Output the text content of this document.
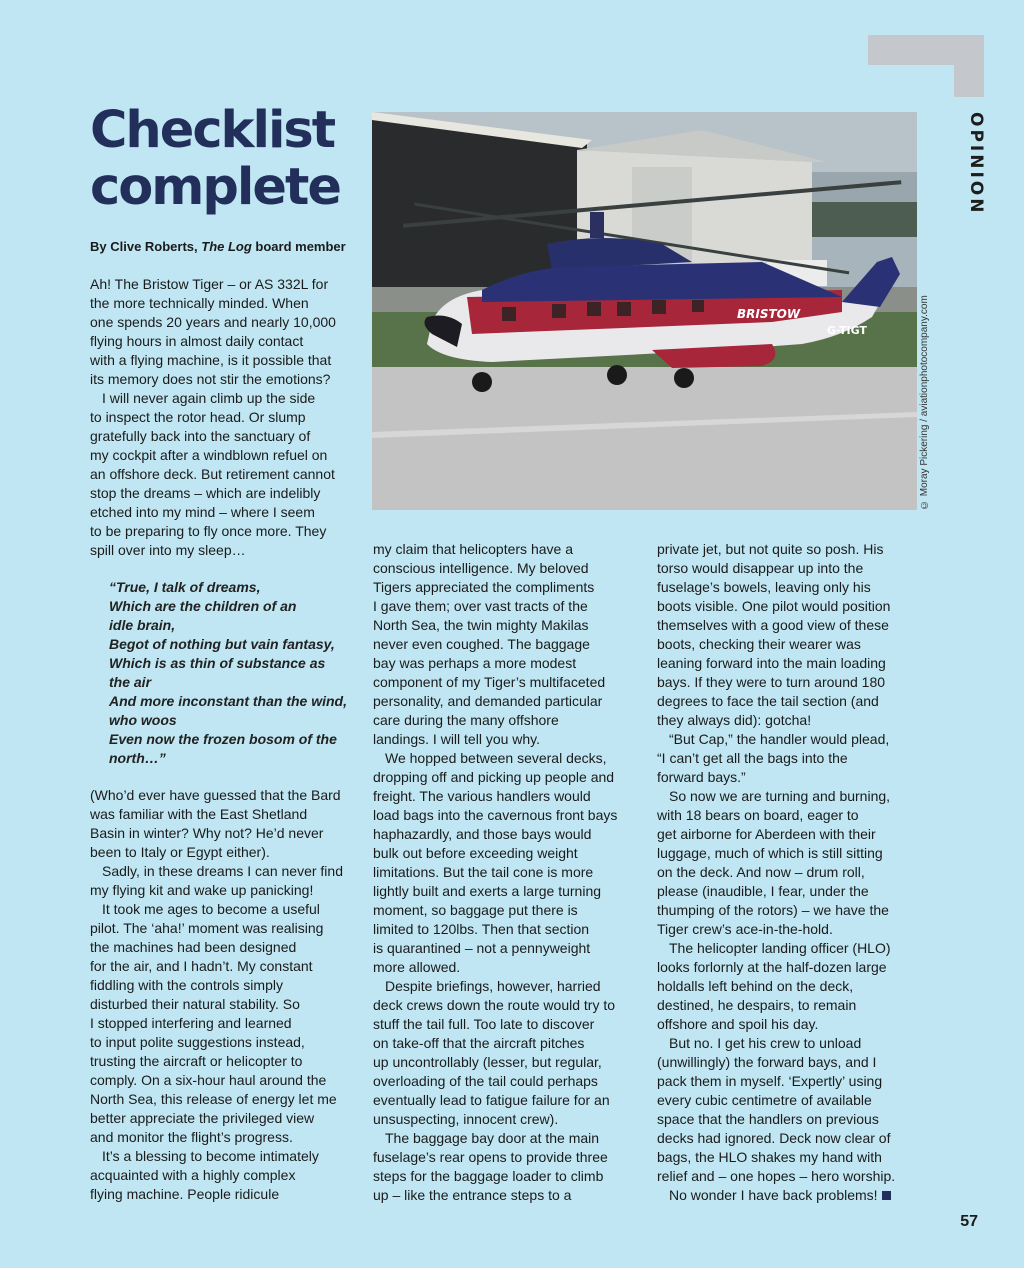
OPINION
Checklist
complete
By Clive Roberts, The Log board member
BRISTOW
G-TIGT	© Moray Pickering / aviationphotocompany.com

Ah! The Bristow Tiger – or AS 332L for

the more technically minded. When

one spends 20 years and nearly 10,000

flying hours in almost daily contact

with a flying machine, is it possible that

its memory does not stir the emotions?

I will never again climb up the side

to inspect the rotor head. Or slump

gratefully back into the sanctuary of

my cockpit after a windblown refuel on

an offshore deck. But retirement cannot

stop the dreams – which are indelibly

etched into my mind – where I seem

to be preparing to fly once more. They

spill over into my sleep…

“True, I talk of dreams,

Which are the children of an

idle brain,

Begot of nothing but vain fantasy,

Which is as thin of substance as

the air

And more inconstant than the wind,

who woos

Even now the frozen bosom of the

north…”

(Who’d ever have guessed that the Bard

was familiar with the East Shetland

Basin in winter? Why not? He’d never

been to Italy or Egypt either).

Sadly, in these dreams I can never find

my flying kit and wake up panicking!

It took me ages to become a useful

pilot. The ‘aha!’ moment was realising

the machines had been designed

for the air, and I hadn’t. My constant

fiddling with the controls simply

disturbed their natural stability. So

I stopped interfering and learned

to input polite suggestions instead,

trusting the aircraft or helicopter to

comply. On a six-hour haul around the

North Sea, this release of energy let me

better appreciate the privileged view

and monitor the flight’s progress.

It’s a blessing to become intimately

acquainted with a highly complex

flying machine. People ridicule

my claim that helicopters have a

conscious intelligence. My beloved

Tigers appreciated the compliments

I gave them; over vast tracts of the

North Sea, the twin mighty Makilas

never even coughed. The baggage

bay was perhaps a more modest

component of my Tiger’s multifaceted

personality, and demanded particular

care during the many offshore

landings. I will tell you why.

We hopped between several decks,

dropping off and picking up people and

freight. The various handlers would

load bags into the cavernous front bays

haphazardly, and those bays would

bulk out before exceeding weight

limitations. But the tail cone is more

lightly built and exerts a large turning

moment, so baggage put there is

limited to 120lbs. Then that section

is quarantined – not a pennyweight

more allowed.

Despite briefings, however, harried

deck crews down the route would try to

stuff the tail full. Too late to discover

on take-off that the aircraft pitches

up uncontrollably (lesser, but regular,

overloading of the tail could perhaps

eventually lead to fatigue failure for an

unsuspecting, innocent crew).

The baggage bay door at the main

fuselage’s rear opens to provide three

steps for the baggage loader to climb

up – like the entrance steps to a

private jet, but not quite so posh. His

torso would disappear up into the

fuselage’s bowels, leaving only his

boots visible. One pilot would position

themselves with a good view of these

boots, checking their wearer was

leaning forward into the main loading

bays. If they were to turn around 180

degrees to face the tail section (and

they always did): gotcha!

“But Cap,” the handler would plead,

“I can’t get all the bags into the

forward bays.”

So now we are turning and burning,

with 18 bears on board, eager to

get airborne for Aberdeen with their

luggage, much of which is still sitting

on the deck. And now – drum roll,

please (inaudible, I fear, under the

thumping of the rotors) – we have the

Tiger crew’s ace-in-the-hold.

The helicopter landing officer (HLO)

looks forlornly at the half-dozen large

holdalls left behind on the deck,

destined, he despairs, to remain

offshore and spoil his day.

But no. I get his crew to unload

(unwillingly) the forward bays, and I

pack them in myself. ‘Expertly’ using

every cubic centimetre of available

space that the handlers on previous

decks had ignored. Deck now clear of

bags, the HLO shakes my hand with

relief and – one hopes – hero worship.

No wonder I have back problems!

57
